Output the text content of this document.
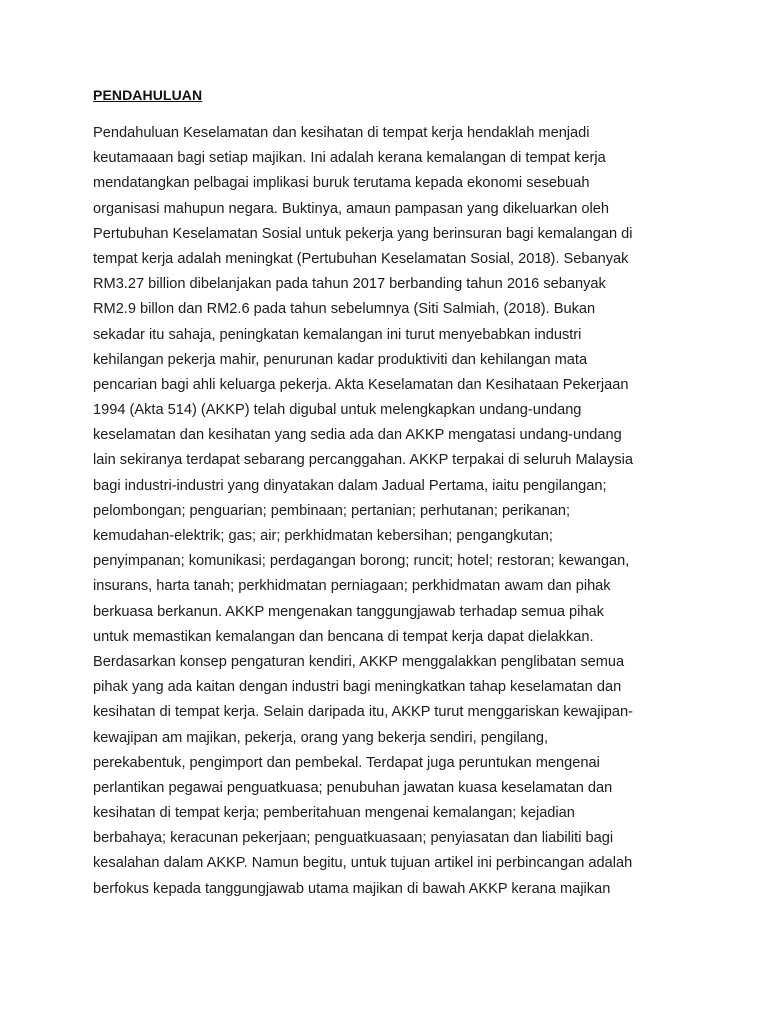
PENDAHULUAN
Pendahuluan Keselamatan dan kesihatan di tempat kerja hendaklah menjadi
keutamaaan bagi setiap majikan. Ini adalah kerana kemalangan di tempat kerja
mendatangkan pelbagai implikasi buruk terutama kepada ekonomi sesebuah
organisasi mahupun negara. Buktinya, amaun pampasan yang dikeluarkan oleh
Pertubuhan Keselamatan Sosial untuk pekerja yang berinsuran bagi kemalangan di
tempat kerja adalah meningkat (Pertubuhan Keselamatan Sosial, 2018). Sebanyak
RM3.27 billion dibelanjakan pada tahun 2017 berbanding tahun 2016 sebanyak
RM2.9 billon dan RM2.6 pada tahun sebelumnya (Siti Salmiah, (2018). Bukan
sekadar itu sahaja, peningkatan kemalangan ini turut menyebabkan industri
kehilangan pekerja mahir, penurunan kadar produktiviti dan kehilangan mata
pencarian bagi ahli keluarga pekerja. Akta Keselamatan dan Kesihataan Pekerjaan
1994 (Akta 514) (AKKP) telah digubal untuk melengkapkan undang-undang
keselamatan dan kesihatan yang sedia ada dan AKKP mengatasi undang-undang
lain sekiranya terdapat sebarang percanggahan. AKKP terpakai di seluruh Malaysia
bagi industri-industri yang dinyatakan dalam Jadual Pertama, iaitu pengilangan;
pelombongan; penguarian; pembinaan; pertanian; perhutanan; perikanan;
kemudahan-elektrik; gas; air; perkhidmatan kebersihan; pengangkutan;
penyimpanan; komunikasi; perdagangan borong; runcit; hotel; restoran; kewangan,
insurans, harta tanah; perkhidmatan perniagaan; perkhidmatan awam dan pihak
berkuasa berkanun. AKKP mengenakan tanggungjawab terhadap semua pihak
untuk memastikan kemalangan dan bencana di tempat kerja dapat dielakkan.
Berdasarkan konsep pengaturan kendiri, AKKP menggalakkan penglibatan semua
pihak yang ada kaitan dengan industri bagi meningkatkan tahap keselamatan dan
kesihatan di tempat kerja. Selain daripada itu, AKKP turut menggariskan kewajipan-
kewajipan am majikan, pekerja, orang yang bekerja sendiri, pengilang,
perekabentuk, pengimport dan pembekal. Terdapat juga peruntukan mengenai
perlantikan pegawai penguatkuasa; penubuhan jawatan kuasa keselamatan dan
kesihatan di tempat kerja; pemberitahuan mengenai kemalangan; kejadian
berbahaya; keracunan pekerjaan; penguatkuasaan; penyiasatan dan liabiliti bagi
kesalahan dalam AKKP. Namun begitu, untuk tujuan artikel ini perbincangan adalah
berfokus kepada tanggungjawab utama majikan di bawah AKKP kerana majikan
